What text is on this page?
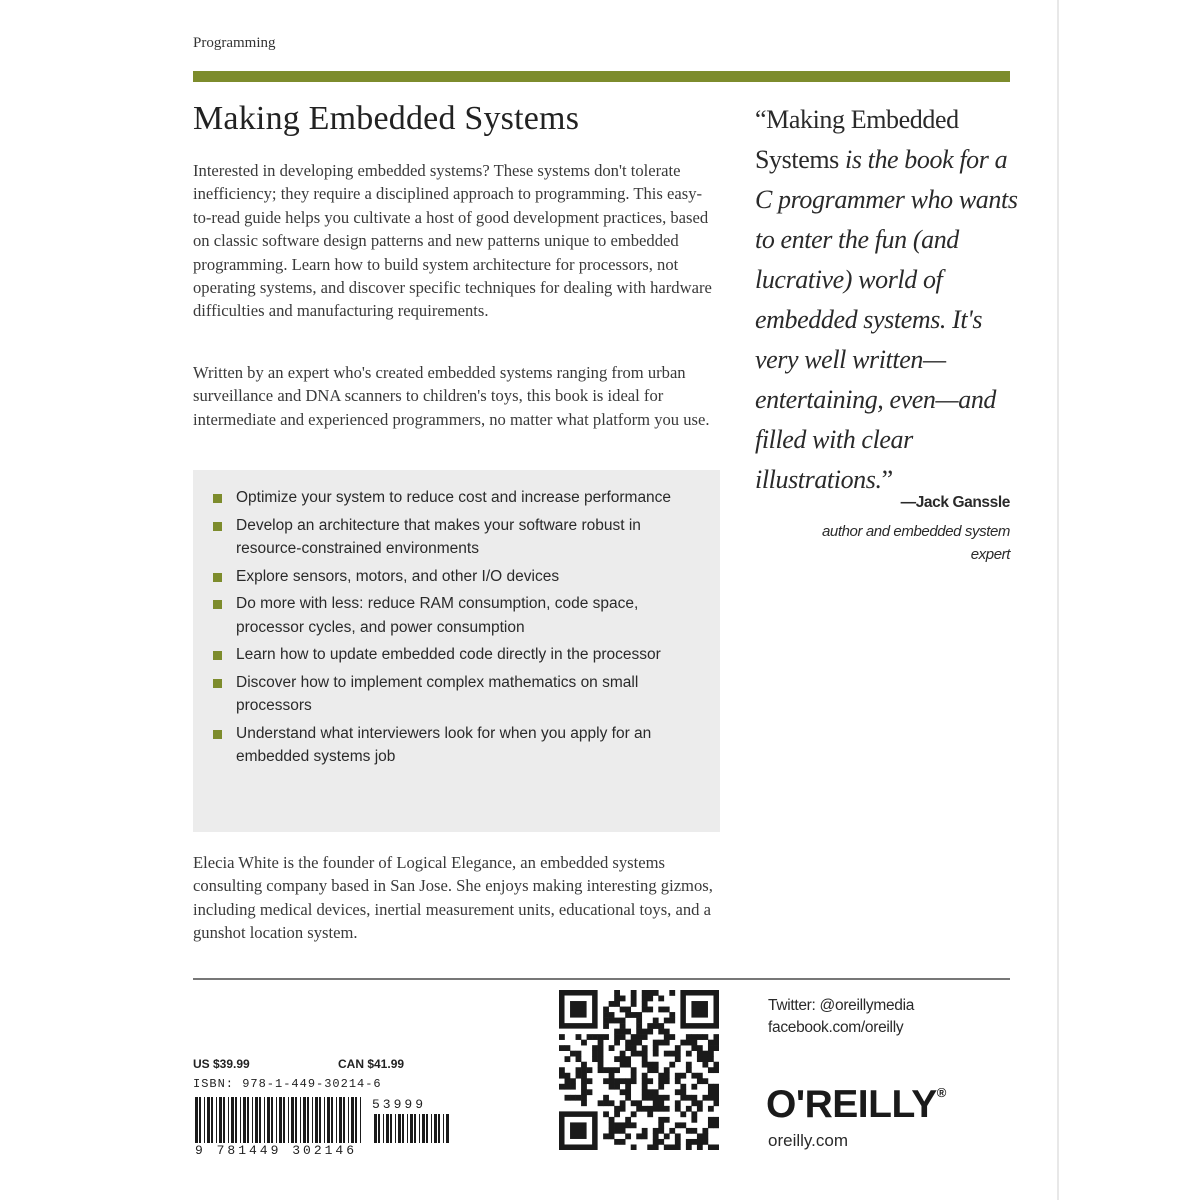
Programming
Making Embedded Systems

Interested in developing embedded systems? These systems don't tolerate inefficiency; they require a disciplined approach to programming. This easy-to-read guide helps you cultivate a host of good development practices, based on classic software design patterns and new patterns unique to embedded programming. Learn how to build system architecture for processors, not operating systems, and discover specific techniques for dealing with hardware difficulties and manufacturing requirements.

Written by an expert who's created embedded systems ranging from urban surveillance and DNA scanners to children's toys, this book is ideal for intermediate and experienced programmers, no matter what platform you use.

Optimize your system to reduce cost and increase performance
Develop an architecture that makes your software robust in resource-constrained environments
Explore sensors, motors, and other I/O devices
Do more with less: reduce RAM consumption, code space, processor cycles, and power consumption
Learn how to update embedded code directly in the processor
Discover how to implement complex mathematics on small processors
Understand what interviewers look for when you apply for an embedded systems job

Elecia White is the founder of Logical Elegance, an embedded systems consulting company based in San Jose. She enjoys making interesting gizmos, including medical devices, inertial measurement units, educational toys, and a gunshot location system.

“Making Embedded Systems is the book for a C programmer who wants to enter the fun (and lucrative) world of embedded systems. It's very well written—entertaining, even—and filled with clear illustrations.”
—Jack Ganssle
author and embedded system expert
US $39.99	CAN $41.99
ISBN: 978-1-449-30214-6
53999
9 781449 302146
Twitter: @oreillymedia
facebook.com/oreilly
O'REILLY®
oreilly.com
